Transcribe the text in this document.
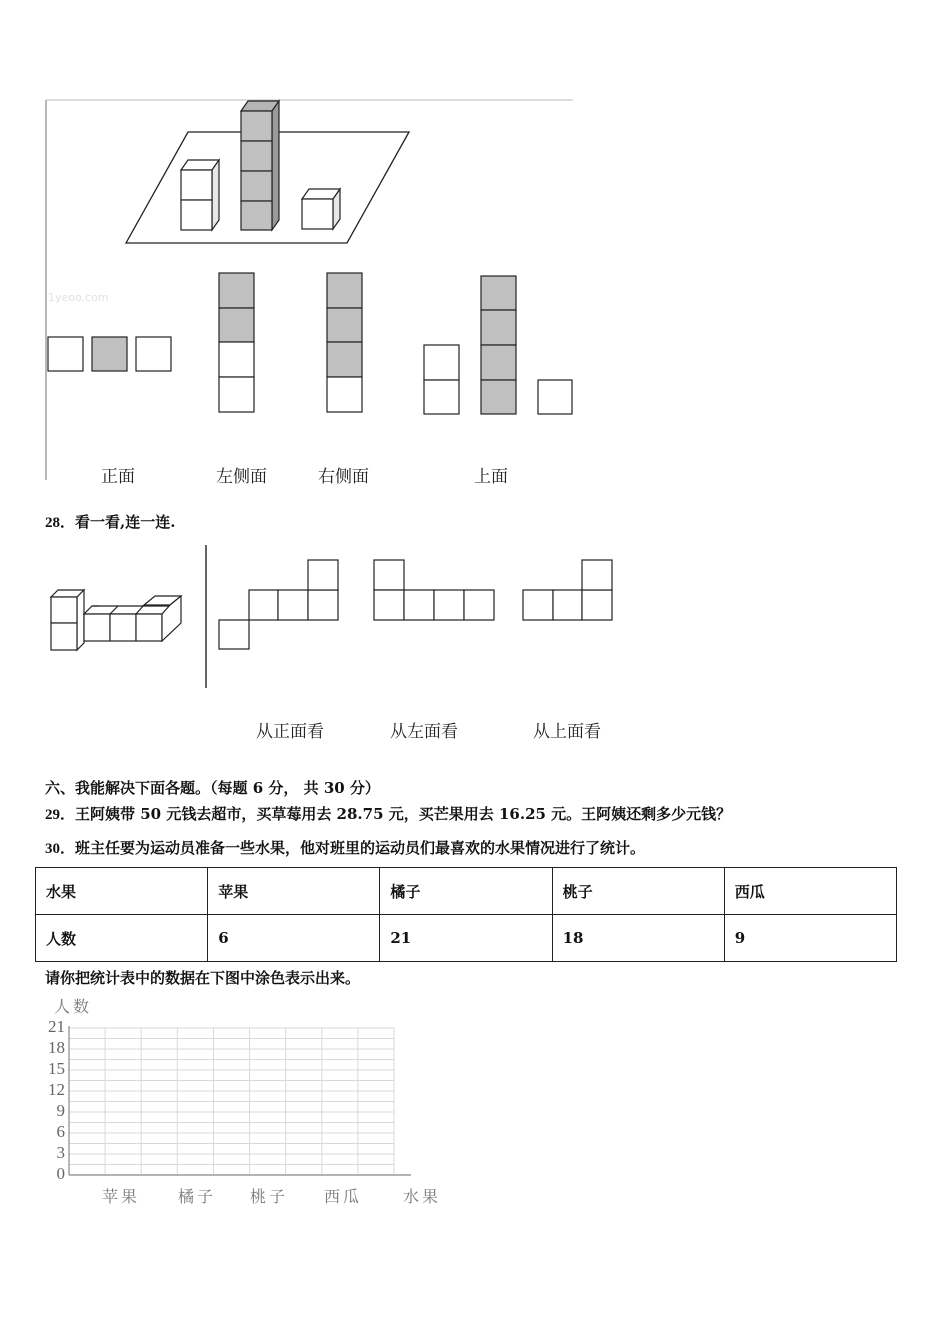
1yeoo.com
正面	左侧面	右侧面	上面
28．看一看,连一连.
从正面看	从左面看	从上面看
六、我能解决下面各题。（每题 6 分， 共 30 分）
29．王阿姨带 50 元钱去超市，买草莓用去 28.75 元，买芒果用去 16.25 元。王阿姨还剩多少元钱？
30．班主任要为运动员准备一些水果，他对班里的运动员们最喜欢的水果情况进行了统计。
水果	苹果	橘子	桃子	西瓜
人数	6	21	18	9
请你把统计表中的数据在下图中涂色表示出来。
人数
水果
0
3
6
9
12
15
18
21
苹果 橘子 桃子 西瓜
